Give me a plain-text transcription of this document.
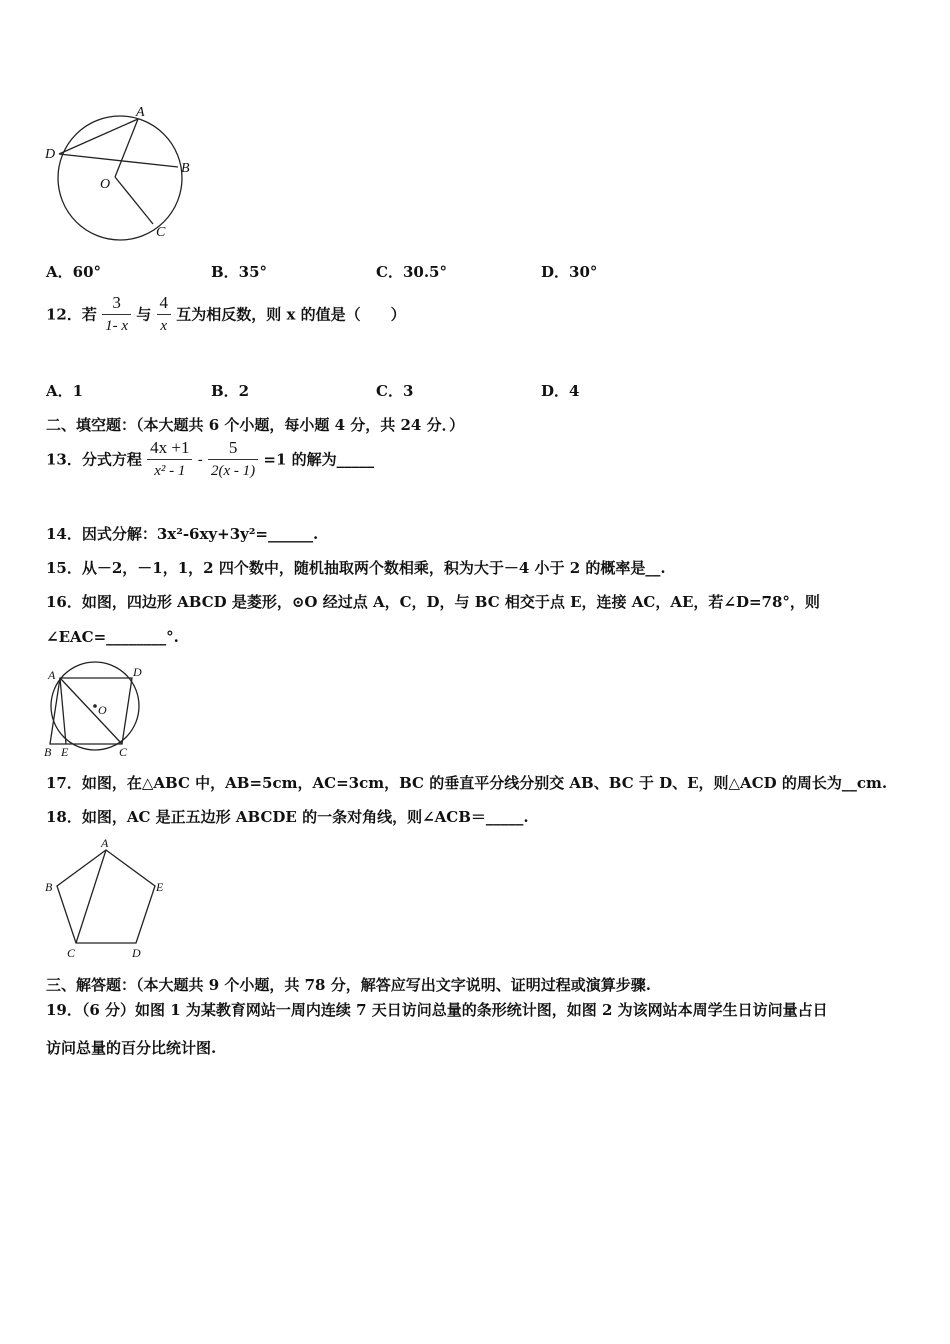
A
D
B
O
C
A．60°	B．35°	C．30.5°	D．30°
12．若 $\frac{3}{1- x}$ 与 $\frac{4}{x}$ 互为相反数，则 x 的值是（　　）
A．1	B．2	C．3	D．4
二、填空题：（本大题共 6 个小题，每小题 4 分，共 24 分．）
13．分式方程 $\frac{4x +1}{\text{x² - 1}} - \frac{5}{2(x - 1)} =1$ 的解为_____
14．因式分解：3x²-6xy+3y²=______.
15．从－2，－1，1，2 四个数中，随机抽取两个数相乘，积为大于－4 小于 2 的概率是__.
16．如图，四边形 ABCD 是菱形，⊙O 经过点 A，C，D，与 BC 相交于点 E，连接 AC，AE，若∠D=78°，则
∠EAC=________°.
A	D
O
B E	C
17．如图，在△ABC 中，AB=5cm，AC=3cm，BC 的垂直平分线分别交 AB、BC 于 D、E，则△ACD 的周长为__cm.
18．如图，AC 是正五边形 ABCDE 的一条对角线，则∠ACB＝_____.
A
B	E
C	D
三、解答题：（本大题共 9 个小题，共 78 分，解答应写出文字说明、证明过程或演算步骤.
19．（6 分）如图 1 为某教育网站一周内连续 7 天日访问总量的条形统计图，如图 2 为该网站本周学生日访问量占日
访问总量的百分比统计图.
